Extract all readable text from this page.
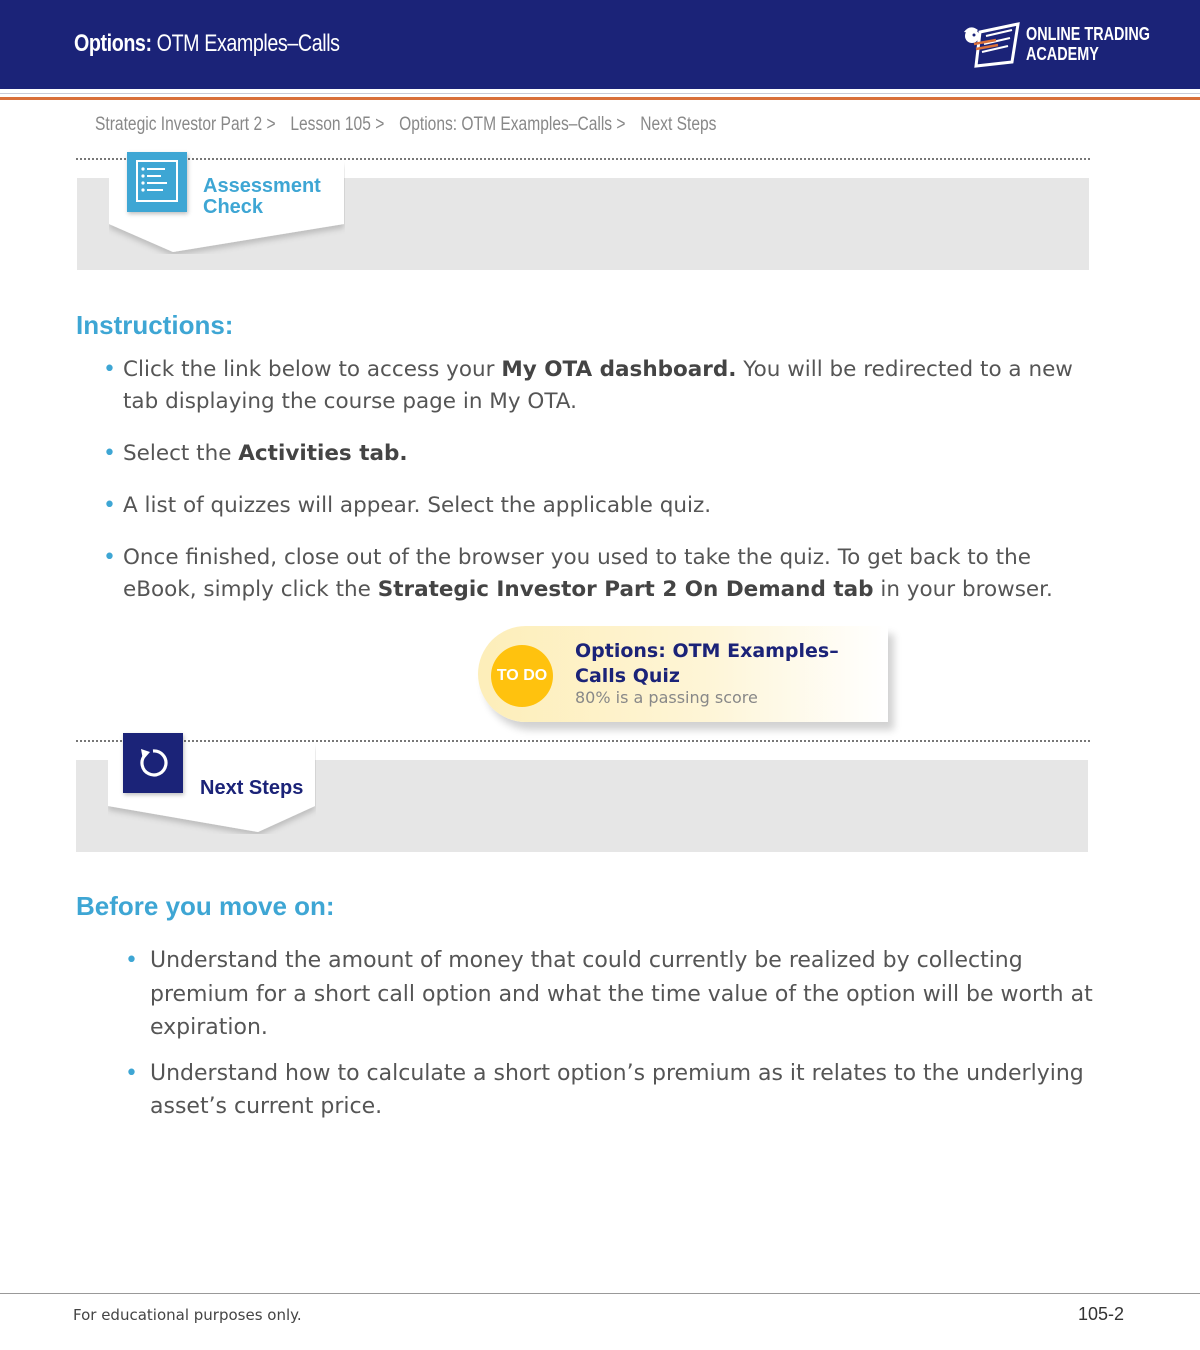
Options: OTM Examples–Calls	ONLINE TRADING
ACADEMY
Strategic Investor Part 2 > Lesson 105 > Options: OTM Examples–Calls > Next Steps
Assessment
Check
Instructions:
• Click the link below to access your My OTA dashboard. You will be redirected to a new tab displaying the course page in My OTA.
• Select the Activities tab.
• A list of quizzes will appear. Select the applicable quiz.
• Once finished, close out of the browser you used to take the quiz. To get back to the eBook, simply click the Strategic Investor Part 2 On Demand tab in your browser.
TO DO
Options: OTM Examples– Calls Quiz
80% is a passing score
Next Steps
Before you move on:
• Understand the amount of money that could currently be realized by collecting premium for a short call option and what the time value of the option will be worth at expiration.
• Understand how to calculate a short option’s premium as it relates to the underlying asset’s current price.
For educational purposes only.	105-2
